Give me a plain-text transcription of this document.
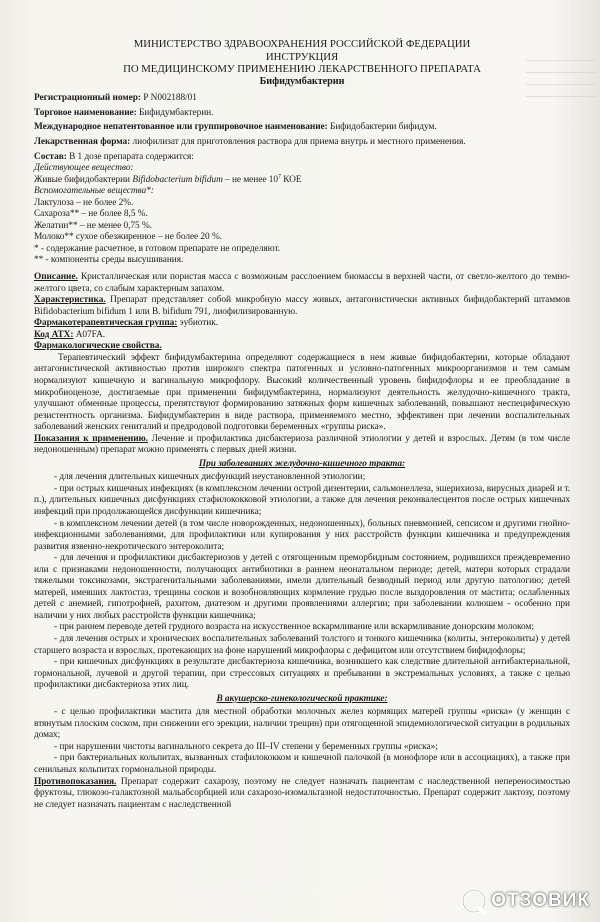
МИНИСТЕРСТВО ЗДРАВООХРАНЕНИЯ РОССИЙСКОЙ ФЕДЕРАЦИИ
ИНСТРУКЦИЯ
ПО МЕДИЦИНСКОМУ ПРИМЕНЕНИЮ ЛЕКАРСТВЕННОГО ПРЕПАРАТА
Бифидумбактерин

Регистрационный номер: Р N002188/01

Торговое наименование: Бифидумбактерин.

Международное непатентованное или группировочное наименование: Бифидобактерии бифидум.

Лекарственная форма: лиофилизат для приготовления раствора для приема внутрь и местного применения.

Состав: В 1 дозе препарата содержится:

Действующее вещество:

Живые бифидобактерии Bifidobacterium bifidum – не менее $10^7$ КОЕ

Вспомогательные вещества*:

Лактулоза – не более 2%.

Сахароза** – не более 8,5 %.

Желатин** – не менее 0,75 %.

Молоко** сухое обезжиренное – не более 20 %.

* - содержание расчетное, в готовом препарате не определяют.

** - компоненты среды высушивания.

Описание. Кристаллическая или пористая масса с возможным расслоением биомассы в верхней части, от светло-желтого до темно-желтого цвета, со слабым характерным запахом.

Характеристика. Препарат представляет собой микробную массу живых, антагонистически активных бифидобактерий штаммов Bifidobacterium bifidum 1 или B. bifidum 791, лиофилизированную.

Фармакотерапевтическая группа: эубиотик.

Код АТХ: A07FA.

Фармакологические свойства.

Терапевтический эффект бифидумбактерина определяют содержащиеся в нем живые бифидобактерии, которые обладают антагонистической активностью против широкого спектра патогенных и условно-патогенных микроорганизмов и тем самым нормализуют кишечную и вагинальную микрофлору. Высокий количественный уровень бифидофлоры и ее преобладание в микробиоценозе, достигаемые при применении бифидумбактерина, нормализуют деятельность желудочно-кишечного тракта, улучшают обменные процессы, препятствуют формированию затяжных форм кишечных заболеваний, повышают неспецифическую резистентность организма. Бифидумбактерин в виде раствора, применяемого местно, эффективен при лечении воспалительных заболеваний женских гениталий и предродовой подготовки беременных «группы риска».

Показания к применению. Лечение и профилактика дисбактериоза различной этиологии у детей и взрослых. Детям (в том числе недоношенным) препарат можно применять с первых дней жизни.

При заболеваниях желудочно-кишечного тракта:

- для лечения длительных кишечных дисфункций неустановленной этиологии;

- при острых кишечных инфекциях (в комплексном лечении острой дизентерии, сальмонеллеза, эшерихиоза, вирусных диарей и т. п.), длительных кишечных дисфункциях стафилококковой этиологии, а также для лечения реконвалесцентов после острых кишечных инфекций при продолжающейся дисфункции кишечника;

- в комплексном лечении детей (в том числе новорожденных, недоношенных), больных пневмонией, сепсисом и другими гнойно-инфекционными заболеваниями, для профилактики или купирования у них расстройств функции кишечника и предупреждения развития язвенно-некротического энтероколита;

- для лечения и профилактики дисбактериозов у детей с отягощенным преморбидным состоянием, родившихся преждевременно или с признаками недоношенности, получающих антибиотики в раннем неонатальном периоде; детей, матери которых страдали тяжелыми токсикозами, экстрагенитальными заболеваниями, имели длительный безводный период или другую патологию; детей матерей, имевших лактостаз, трещины сосков и возобновляющих кормление грудью после выздоровления от мастита; ослабленных детей с анемией, гипотрофией, рахитом, диатезом и другими проявлениями аллергии; при заболевании колюшем - особенно при наличии у них любых расстройств функции кишечника;

- при раннем переводе детей грудного возраста на искусственное вскармливание или вскармливание донорским молоком;

- для лечения острых и хронических воспалительных заболеваний толстого и тонкого кишечника (колиты, энтероколиты) у детей старшего возраста и взрослых, протекающих на фоне нарушений микрофлоры с дефицитом или отсутствием бифидофлоры;

- при кишечных дисфункциях в результате дисбактериоза кишечника, возникшего как следствие длительной антибактериальной, гормональной, лучевой и другой терапии, при стрессовых ситуациях и пребывании в экстремальных условиях, а также с целью профилактики дисбактериоза этих лиц.

В акушерско-гинекологической практике:

- с целью профилактики мастита для местной обработки молочных желез кормящих матерей группы «риска» (у женщин с втянутым плоским соском, при снижении его эрекции, наличии трещин) при отягощенной эпидемиологической ситуации в родильных домах;

- при нарушении чистоты вагинального секрета до III–IV степени у беременных группы «риска»;

- при бактериальных кольпитах, вызванных стафилококком и кишечной палочкой (в монофлоре или в ассоциациях), а также при сенильных кольпитах гормональной природы.

Противопоказания. Препарат содержит сахарозу, поэтому не следует назначать пациентам с наследственной непереносимостью фруктозы, глюкозо-галактозной мальабсорбцией или сахарозо-изомальтазной недостаточностью. Препарат содержит лактозу, поэтому не следует назначать пациентам с наследственной

ОТЗОВИК
